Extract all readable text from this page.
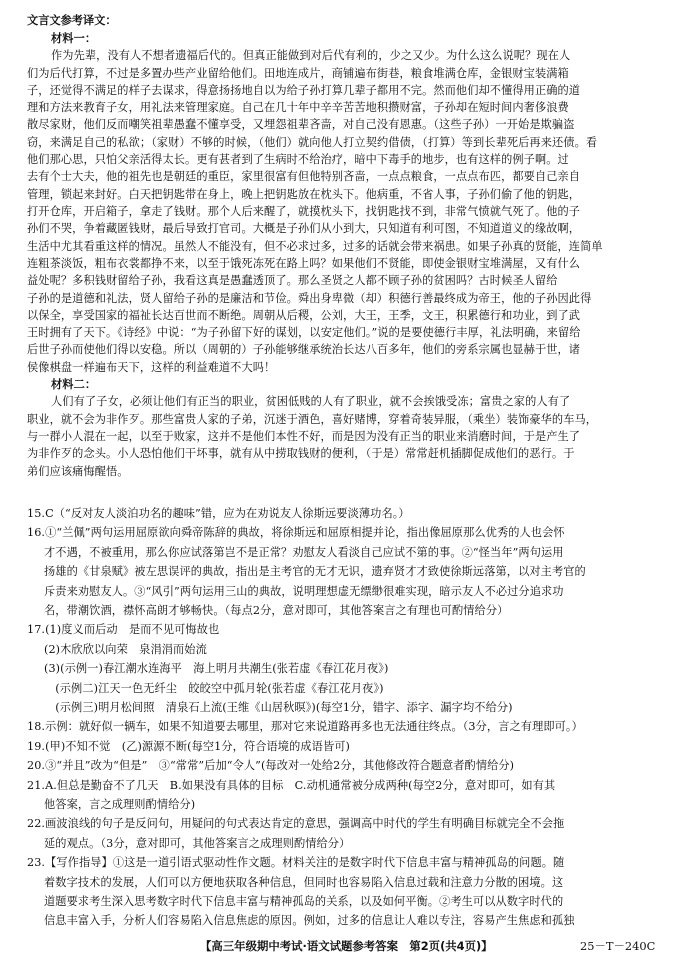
文言文参考译文：
材料一：
作为先辈，没有人不想者遗福后代的。但真正能做到对后代有利的，少之又少。为什么这么说呢？现在人
们为后代打算，不过是多置办些产业留给他们。田地连成片，商铺遍布街巷，粮食堆满仓库，金银财宝装满箱
子，还觉得不满足的样子去谋求，得意扬扬地自以为给子孙打算几辈子都用不完。然而他们却不懂得用正确的道
理和方法来教育子女，用礼法来管理家庭。自己在几十年中辛辛苦苦地积攒财富，子孙却在短时间内奢侈浪费
散尽家财，他们反而嘲笑祖辈愚蠢不懂享受，又埋怨祖辈吝啬，对自己没有恩惠。（这些子孙）一开始是欺骗盗
窃，来满足自己的私欲；（家财）不够的时候，（他们）就向他人打立契约借债，（打算）等到长辈死后再来还债。看
他们那心思，只怕父亲活得太长。更有甚者到了生病时不给治疗，暗中下毒手的地步，也有这样的例子啊。过
去有个士大夫，他的祖先也是朝廷的重臣，家里很富有但他特别吝啬，一点点粮食，一点点布匹，都要自己亲自
管理，锁起来封好。白天把钥匙带在身上，晚上把钥匙放在枕头下。他病重，不省人事，子孙们偷了他的钥匙，
打开仓库，开启箱子，拿走了钱财。那个人后来醒了，就摸枕头下，找钥匙找不到，非常气愤就气死了。他的子
孙们不哭，争着藏匿钱财，最后导致打官司。大概是子孙们从小到大，只知道有利可图，不知道道义的缘故啊，
生活中尤其看重这样的情况。虽然人不能没有，但不必求过多，过多的话就会带来祸患。如果子孙真的贤能，连简单
连粗茶淡饭，粗布衣裳都挣不来，以至于饿死冻死在路上吗？如果他们不贤能，即使金银财宝堆满屋，又有什么
益处呢？多积钱财留给子孙，我看这真是愚蠢透顶了。那么圣贤之人都不顾子孙的贫困吗？古时候圣人留给
子孙的是道德和礼法，贤人留给子孙的是廉洁和节俭。舜出身卑微（却）积德行善最终成为帝王，他的子孙因此得
以保全，享受国家的福祉长达百世而不断绝。周朝从后稷，公刘，大王，王季，文王，积累德行和功业，到了武
王时拥有了天下。《诗经》中说：“为子孙留下好的谋划，以安定他们。”说的是要使德行丰厚，礼法明确，来留给
后世子孙而使他们得以安稳。所以（周朝的）子孙能够继承统治长达八百多年，他们的旁系宗属也显赫于世，诸
侯像棋盘一样遍布天下，这样的利益难道不大吗！
材料二：
人们有了子女，必须让他们有正当的职业，贫困低贱的人有了职业，就不会挨饿受冻；富贵之家的人有了
职业，就不会为非作歹。那些富贵人家的子弟，沉迷于酒色，喜好赌博，穿着奇装异服，（乘坐）装饰豪华的车马，
与一群小人混在一起，以至于败家，这并不是他们本性不好，而是因为没有正当的职业来消磨时间，于是产生了
为非作歹的念头。小人恐怕他们干坏事，就有从中捞取钱财的便利，（于是）常常赶机插脚促成他们的恶行。于
弟们应该痛悔醒悟。
15.C（“反对友人淡泊功名的趣味”错，应为在劝说友人徐斯远要淡薄功名。）
16.①“兰佩”两句运用屈原欲向舜帝陈辞的典故，将徐斯远和屈原相提并论，指出像屈原那么优秀的人也会怀
才不遇，不被重用，那么你应试落第岂不是正常？劝慰友人看淡自己应试不第的事。②“怪当年”两句运用
扬雄的《甘泉赋》被左思误评的典故，指出是主考官的无才无识，遗弃贤才才致使徐斯远落第，以对主考官的
斥责来劝慰友人。③“风引”两句运用三山的典故，说明理想虚无缥缈很难实现，暗示友人不必过分追求功
名，带潮饮酒，襟怀高朗才够畅快。（每点2分，意对即可，其他答案言之有理也可酌情给分）
17.(1)度义而后动　是而不见可悔故也
(2)木欣欣以向荣　泉涓涓而始流
(3)(示例一)春江潮水连海平　海上明月共潮生(张若虚《春江花月夜》)
　(示例二)江天一色无纤尘　皎皎空中孤月轮(张若虚《春江花月夜》)
　(示例三)明月松间照　清泉石上流(王维《山居秋暝》)(每空1分，错字、添字、漏字均不给分)
18.示例：就好似一辆车，如果不知道要去哪里，那对它来说道路再多也无法通往终点。（3分，言之有理即可。）
19.(甲)不知不觉　(乙)源源不断(每空1分，符合语境的成语皆可)
20.③“并且”改为“但是”　③“常常”后加“令人”(每改对一处给2分，其他修改符合题意者酌情给分)
21.A.但总是勤奋不了几天　B.如果没有具体的目标　C.动机通常被分成两种(每空2分，意对即可，如有其
他答案，言之成理则酌情给分)
22.画波浪线的句子是反问句，用疑问的句式表达肯定的意思，强调高中时代的学生有明确目标就完全不会拖
延的观点。（3分，意对即可，其他答案言之成理则酌情给分）
23.【写作指导】①这是一道引语式驱动性作文题。材料关注的是数字时代下信息丰富与精神孤岛的问题。随
着数字技术的发展，人们可以方便地获取各种信息，但同时也容易陷入信息过载和注意力分散的困境。这
道题要求考生深入思考数字时代下信息丰富与精神孤岛的关系，以及如何平衡。②考生可以从数字时代的
信息丰富入手，分析人们容易陷入信息焦虑的原因。例如，过多的信息让人难以专注，容易产生焦虑和孤独
【高三年级期中考试·语文试题参考答案　第2页(共4页)】	25－T－240C
